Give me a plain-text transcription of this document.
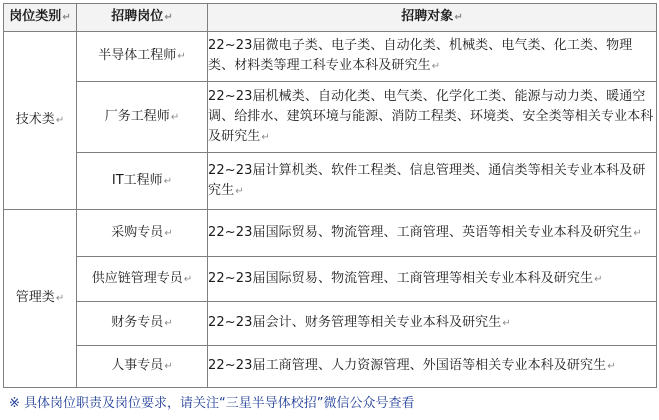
岗位类别↵	招聘岗位↵	招聘对象↵
技术类↵	半导体工程师↵	22~23届微电子类、电子类、自动化类、机械类、电气类、化工类、物理类、材料类等理工科专业本科及研究生↵
	厂务工程师↵	22~23届机械类、自动化类、电气类、化学化工类、能源与动力类、暖通空调、给排水、建筑环境与能源、消防工程类、环境类、安全类等相关专业本科及研究生↵
	IT工程师↵	22~23届计算机类、软件工程类、信息管理类、通信类等相关专业本科及研究生↵
管理类↵	采购专员↵	22~23届国际贸易、物流管理、工商管理、英语等相关专业本科及研究生↵
	供应链管理专员↵	22~23届国际贸易、物流管理、工商管理等相关专业本科及研究生↵
	财务专员↵	22~23届会计、财务管理等相关专业本科及研究生↵
	人事专员↵	22~23届工商管理、人力资源管理、外国语等相关专业本科及研究生↵
※ 具体岗位职责及岗位要求，请关注“三星半导体校招”微信公众号查看
